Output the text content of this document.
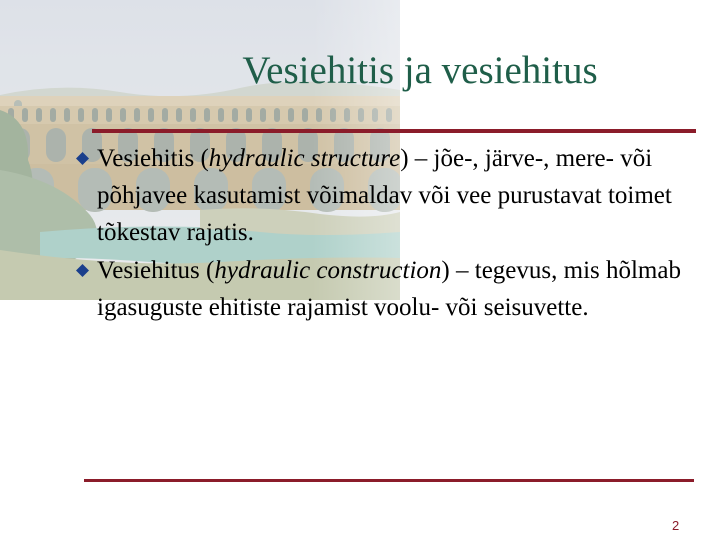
Vesiehitis ja vesiehitus
Vesiehitis (hydraulic structure) – jõe-, järve-, mere- või põhjavee kasutamist võimaldav või vee purustavat toimet tõkestav rajatis.
Vesiehitus (hydraulic construction) – tegevus, mis hõlmab igasuguste ehitiste rajamist voolu- või seisuvette.
2
